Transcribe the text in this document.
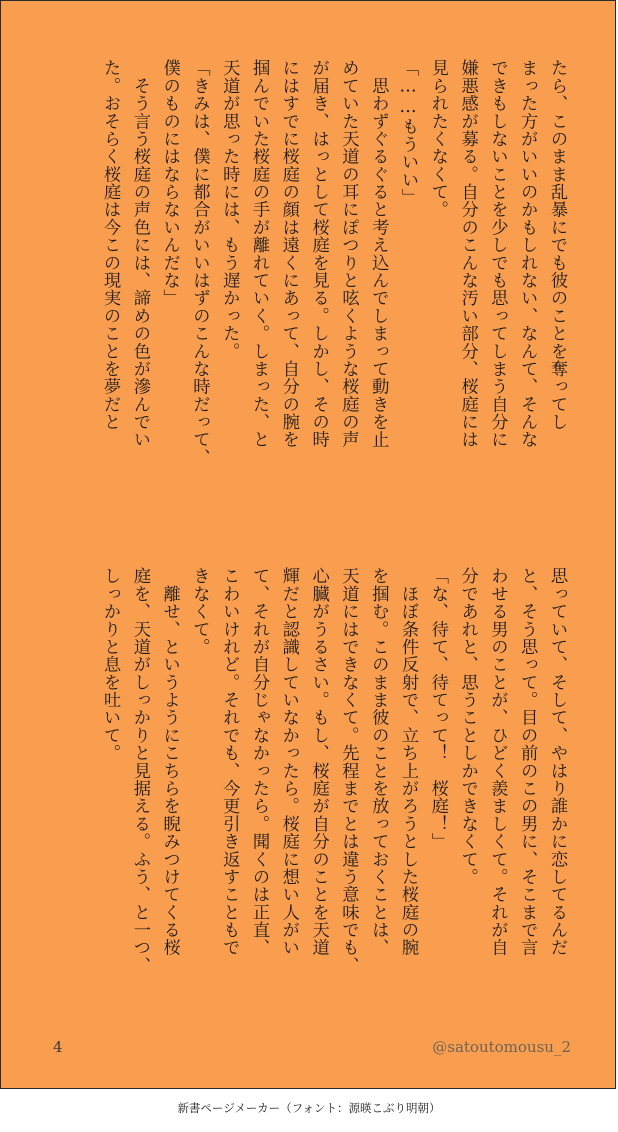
たら、このまま乱暴にでも彼のことを奪ってし
まった方がいいのかもしれない、なんて、そんな
できもしないことを少しでも思ってしまう自分に
嫌悪感が募る。自分のこんな汚い部分、桜庭には
見られたくなくて。
「……もういい」
　思わずぐるぐると考え込んでしまって動きを止
めていた天道の耳にぽつりと呟くような桜庭の声
が届き、はっとして桜庭を見る。しかし、その時
にはすでに桜庭の顔は遠くにあって、自分の腕を
掴んでいた桜庭の手が離れていく。しまった、と
天道が思った時には、もう遅かった。
「きみは、僕に都合がいいはずのこんな時だって、
僕のものにはならないんだな」
　そう言う桜庭の声色には、諦めの色が滲んでい
た。おそらく桜庭は今この現実のことを夢だと
思っていて、そして、やはり誰かに恋してるんだ
と、そう思って。目の前のこの男に、そこまで言
わせる男のことが、ひどく羨ましくて。それが自
分であれと、思うことしかできなくて。
「な、待て、待てって！　桜庭！」
　ほぼ条件反射で、立ち上がろうとした桜庭の腕
を掴む。このまま彼のことを放っておくことは、
天道にはできなくて。先程までとは違う意味でも、
心臓がうるさい。もし、桜庭が自分のことを天道
輝だと認識していなかったら。桜庭に想い人がい
て、それが自分じゃなかったら。聞くのは正直、
こわいけれど。それでも、今更引き返すこともで
きなくて。
　離せ、というようにこちらを睨みつけてくる桜
庭を、天道がしっかりと見据える。ふう、と一つ、
しっかりと息を吐いて。
4	@satoutomousu_2
新書ページメーカー（フォント：源暎こぶり明朝）
